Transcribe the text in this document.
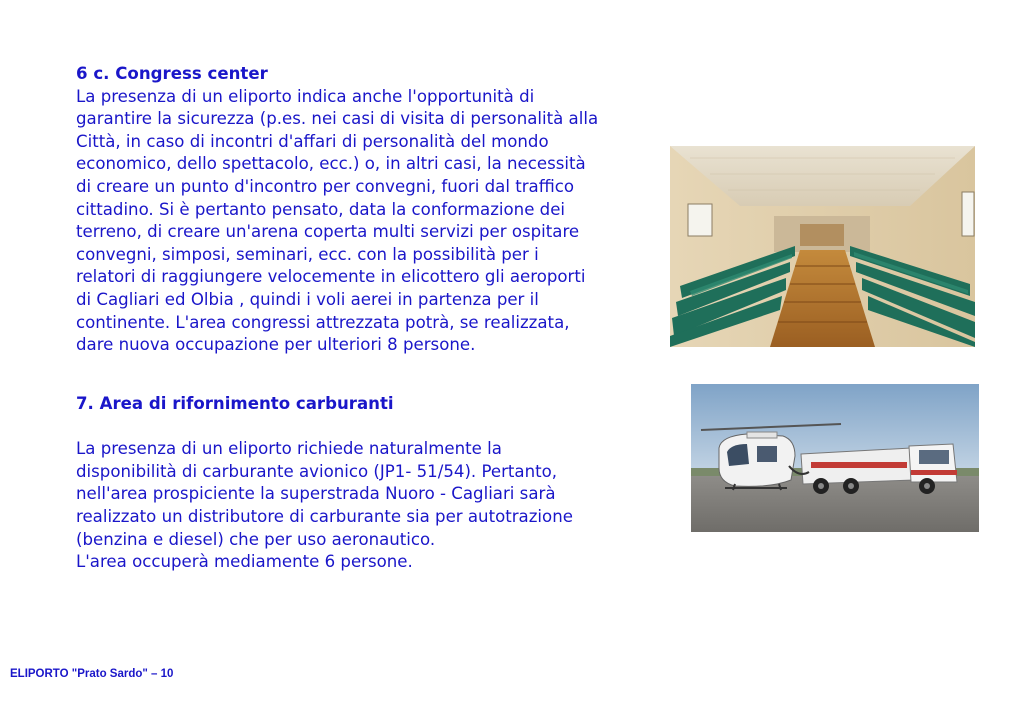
6 c. Congress center
La presenza di un eliporto indica anche l'opportunità di
garantire la sicurezza (p.es. nei casi di visita di personalità alla
Città, in caso di incontri d'affari di personalità del mondo
economico, dello spettacolo, ecc.) o, in altri casi, la necessità
di creare un punto d'incontro per convegni, fuori dal traffico
cittadino. Si è pertanto pensato, data la conformazione dei
terreno, di creare un'arena coperta multi servizi per ospitare
convegni, simposi, seminari, ecc. con la possibilità per i
relatori di raggiungere velocemente in elicottero gli aeroporti
di Cagliari ed Olbia , quindi i voli aerei in partenza per il
continente. L'area congressi attrezzata potrà, se realizzata,
dare nuova occupazione per ulteriori 8 persone.
7. Area di rifornimento carburanti
La presenza di un eliporto richiede naturalmente la
disponibilità di carburante avionico (JP1- 51/54). Pertanto,
nell'area prospiciente la superstrada Nuoro - Cagliari sarà
realizzato un distributore di carburante sia per autotrazione
(benzina e diesel) che per uso aeronautico.
L'area occuperà mediamente 6 persone.
ELIPORTO "Prato Sardo" – 10
